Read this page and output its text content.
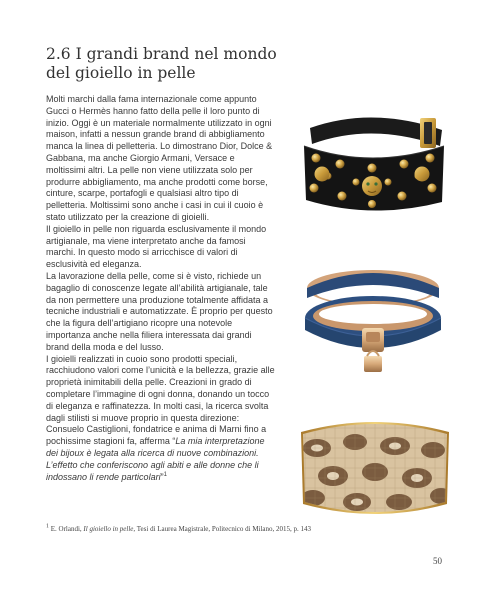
2.6 I grandi brand nel mondo
del gioiello in pelle

Molti marchi dalla fama internazionale come appunto Gucci o Hermès hanno fatto della pelle il loro punto di inizio. Oggi è un materiale normalmente utilizzato in ogni maison, infatti a nessun grande brand di abbigliamento manca la linea di pelletteria. Lo dimostrano Dior, Dolce & Gabbana, ma anche Giorgio Armani, Versace e moltissimi altri. La pelle non viene utilizzata solo per produrre abbigliamento, ma anche prodotti come borse, cinture, scarpe, portafogli e qualsiasi altro tipo di pelletteria. Moltissimi sono anche i casi in cui il cuoio è stato utilizzato per la creazione di gioielli.

Il gioiello in pelle non riguarda esclusivamente il mondo artigianale, ma viene interpretato anche da famosi marchi. In questo modo si arricchisce di valori di esclusività ed eleganza.

La lavorazione della pelle, come si è visto, richiede un bagaglio di conoscenze legate all’abilità artigianale, tale da non permettere una produzione totalmente affidata a tecniche industriali e automatizzate. È proprio per questo che la figura dell’artigiano ricopre una notevole importanza anche nella filiera interessata dai grandi brand della moda e del lusso.

I gioielli realizzati in cuoio sono prodotti speciali, racchiudono valori come l’unicità e la bellezza, grazie alle proprietà inimitabili della pelle. Creazioni in grado di completare l’immagine di ogni donna, donando un tocco di eleganza e raffinatezza. In molti casi, la ricerca svolta dagli stilisti si muove proprio in questa direzione: Consuelo Castiglioni, fondatrice e anima di Marni fino a pochissime stagioni fa, afferma “La mia interpretazione dei bijoux è legata alla ricerca di nuove combinazioni. L’effetto che conferiscono agli abiti e alle donne che li indossano li rende particolari”$^1$

$^1$ E. Orlandi, Il gioiello in pelle, Tesi di Laurea Magistrale, Politecnico di Milano, 2015, p. 143
50
